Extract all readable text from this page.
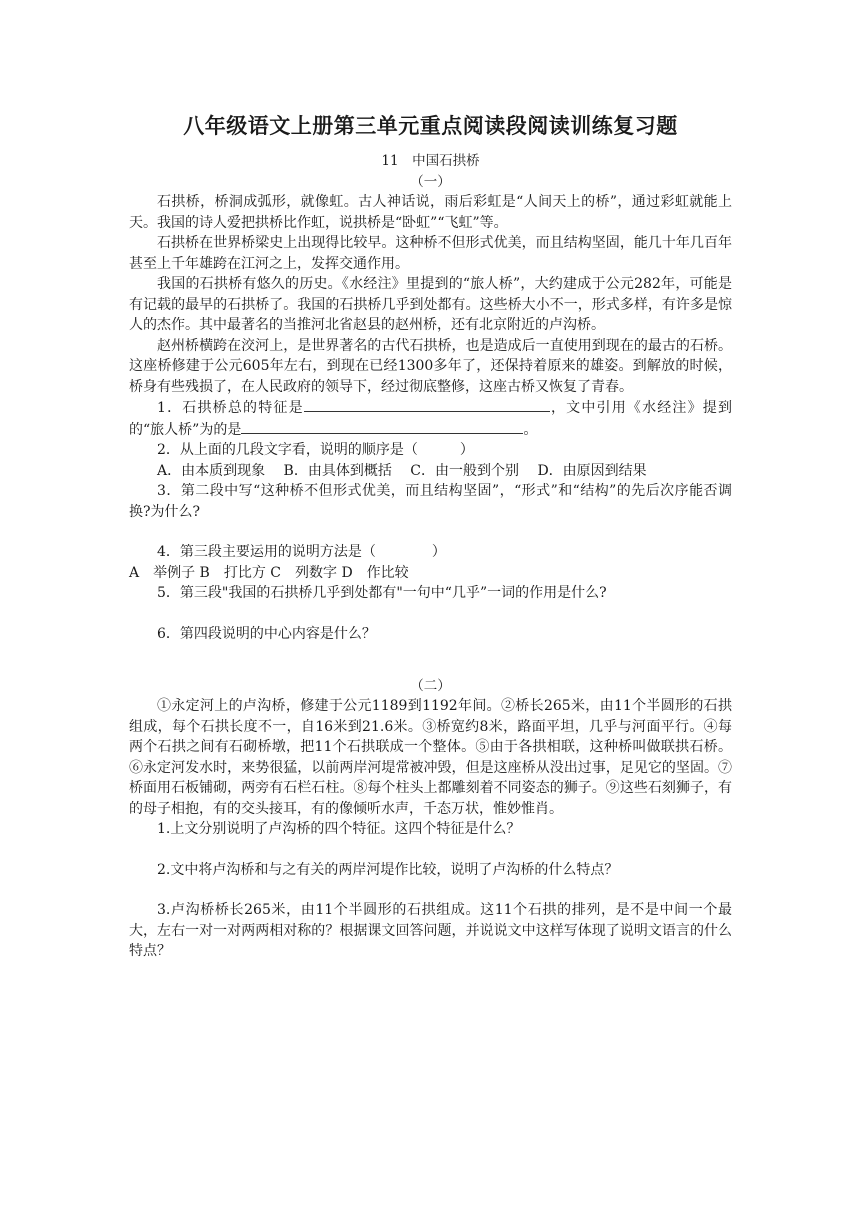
八年级语文上册第三单元重点阅读段阅读训练复习题
11　中国石拱桥
（一）

石拱桥，桥洞成弧形，就像虹。古人神话说，雨后彩虹是“人间天上的桥”，通过彩虹就能上天。我国的诗人爱把拱桥比作虹，说拱桥是“卧虹”“飞虹”等。

石拱桥在世界桥梁史上出现得比较早。这种桥不但形式优美，而且结构坚固，能几十年几百年甚至上千年雄跨在江河之上，发挥交通作用。

我国的石拱桥有悠久的历史。《水经注》里提到的“旅人桥”，大约建成于公元282年，可能是有记载的最早的石拱桥了。我国的石拱桥几乎到处都有。这些桥大小不一，形式多样，有许多是惊人的杰作。其中最著名的当推河北省赵县的赵州桥，还有北京附近的卢沟桥。

赵州桥横跨在洨河上，是世界著名的古代石拱桥，也是造成后一直使用到现在的最古的石桥。这座桥修建于公元605年左右，到现在已经1300多年了，还保持着原来的雄姿。到解放的时候，桥身有些残损了，在人民政府的领导下，经过彻底整修，这座古桥又恢复了青春。

1．石拱桥总的特征是	，文中引用《水经注》提到的“旅人桥”为的是	。

2．从上面的几段文字看，说明的顺序是（　　　）

A．由本质到现象　 B．由具体到概括　 C．由一般到个别　 D．由原因到结果

3．第二段中写“这种桥不但形式优美，而且结构坚固”，“形式”和“结构”的先后次序能否调换?为什么?

4．第三段主要运用的说明方法是（　　　　）

A　举例子 B　打比方 C　列数字 D　作比较

5．第三段"我国的石拱桥几乎到处都有"一句中“几乎”一词的作用是什么?

6．第四段说明的中心内容是什么？

（二）

①永定河上的卢沟桥，修建于公元1189到1192年间。②桥长265米，由11个半圆形的石拱组成，每个石拱长度不一，自16米到21.6米。③桥宽约8米，路面平坦，几乎与河面平行。④每两个石拱之间有石砌桥墩，把11个石拱联成一个整体。⑤由于各拱相联，这种桥叫做联拱石桥。⑥永定河发水时，来势很猛，以前两岸河堤常被冲毁，但是这座桥从没出过事，足见它的坚固。⑦桥面用石板铺砌，两旁有石栏石柱。⑧每个柱头上都雕刻着不同姿态的狮子。⑨这些石刻狮子，有的母子相抱，有的交头接耳，有的像倾听水声，千态万状，惟妙惟肖。

1.上文分别说明了卢沟桥的四个特征。这四个特征是什么？

2.文中将卢沟桥和与之有关的两岸河堤作比较，说明了卢沟桥的什么特点？

3.卢沟桥桥长265米，由11个半圆形的石拱组成。这11个石拱的排列，是不是中间一个最大，左右一对一对两两相对称的？根据课文回答问题，并说说文中这样写体现了说明文语言的什么特点？
